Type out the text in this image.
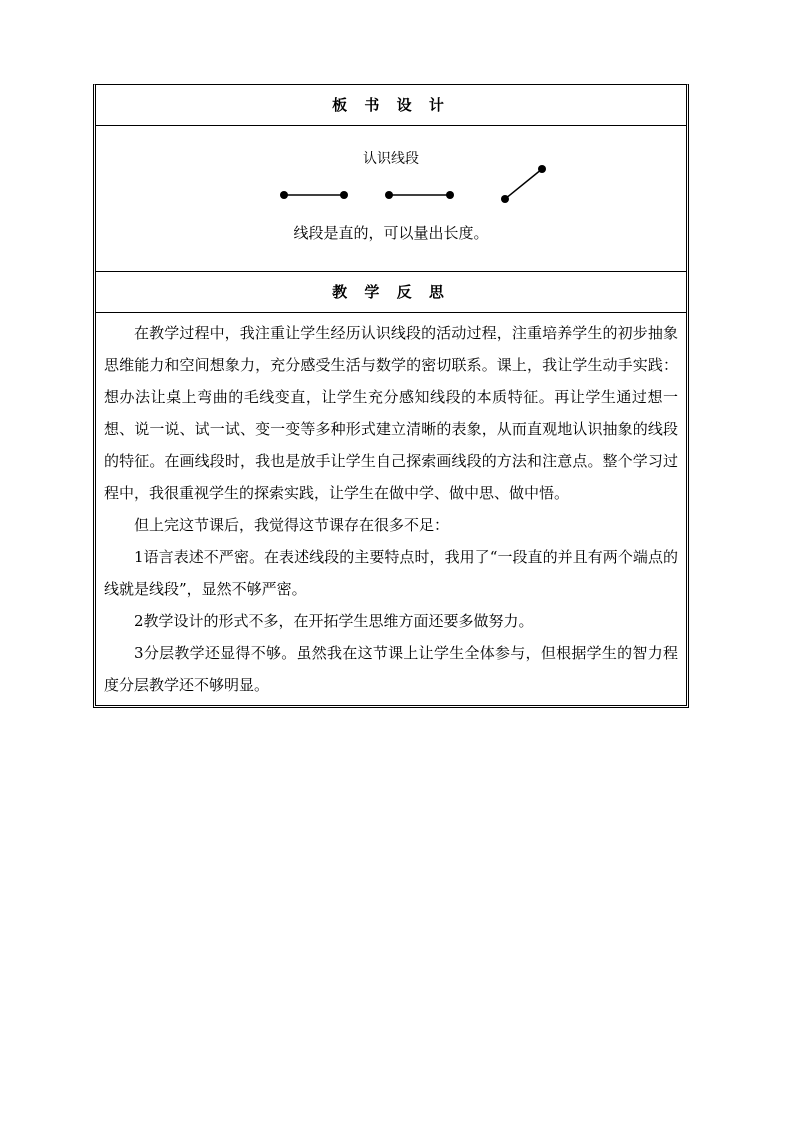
板 书 设 计
认识线段
线段是直的，可以量出长度。
教 学 反 思

在教学过程中，我注重让学生经历认识线段的活动过程，注重培养学生的初步抽象思维能力和空间想象力，充分感受生活与数学的密切联系。课上，我让学生动手实践：想办法让桌上弯曲的毛线变直，让学生充分感知线段的本质特征。再让学生通过想一想、说一说、试一试、变一变等多种形式建立清晰的表象，从而直观地认识抽象的线段的特征。在画线段时，我也是放手让学生自己探索画线段的方法和注意点。整个学习过程中，我很重视学生的探索实践，让学生在做中学、做中思、做中悟。

但上完这节课后，我觉得这节课存在很多不足：

1语言表述不严密。在表述线段的主要特点时，我用了“一段直的并且有两个端点的线就是线段”，显然不够严密。

2教学设计的形式不多，在开拓学生思维方面还要多做努力。

3分层教学还显得不够。虽然我在这节课上让学生全体参与，但根据学生的智力程度分层教学还不够明显。
